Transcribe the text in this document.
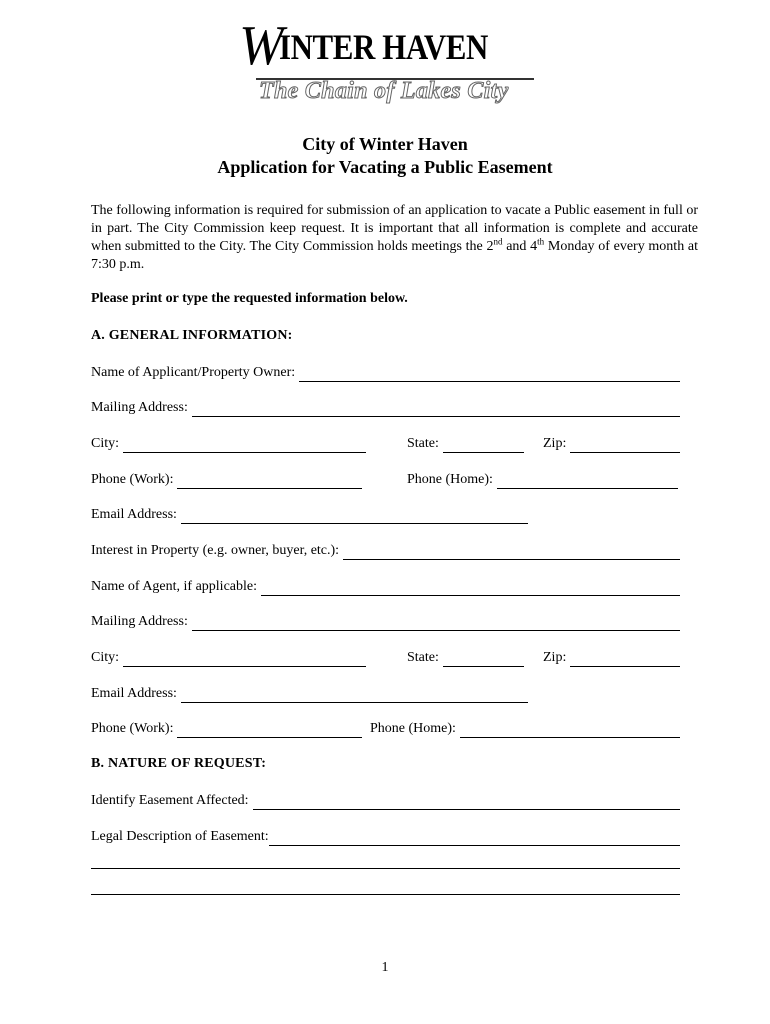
WINTER HAVEN
The Chain of Lakes City
City of Winter Haven
Application for Vacating a Public Easement
The following information is required for submission of an application to vacate a Public easement in full or in part. The City Commission keep request. It is important that all information is complete and accurate when submitted to the City. The City Commission holds meetings the 2nd and 4th Monday of every month at 7:30 p.m.
Please print or type the requested information below.
A. GENERAL INFORMATION:
Name of Applicant/Property Owner:
Mailing Address:
City:	State:	Zip:
Phone (Work):	Phone (Home):
Email Address:
Interest in Property (e.g. owner, buyer, etc.):
Name of Agent, if applicable:
Mailing Address:
City:	State:	Zip:
Email Address:
Phone (Work):	Phone (Home):
B. NATURE OF REQUEST:
Identify Easement Affected:
Legal Description of Easement:
1
